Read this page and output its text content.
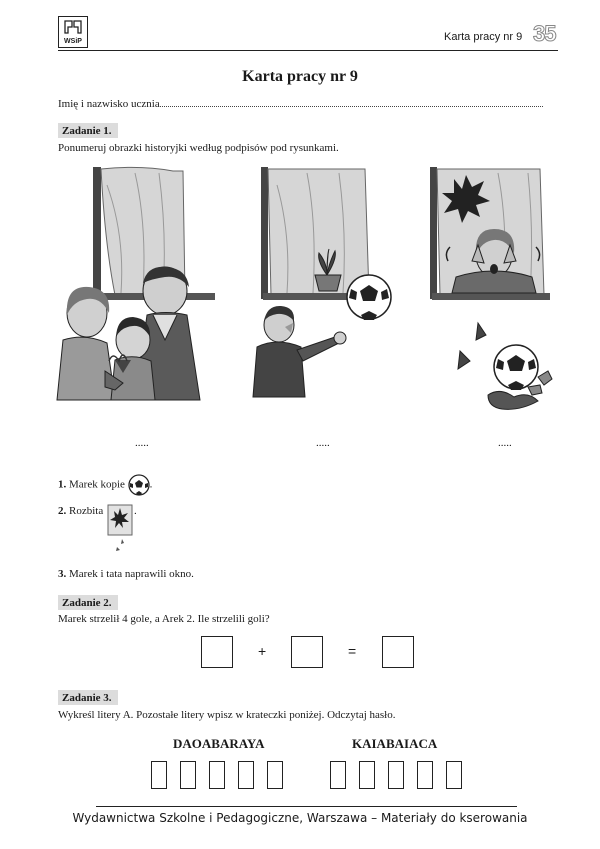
WSiP	Karta pracy nr 9 35
Karta pracy nr 9
Imię i nazwisko ucznia
Zadanie 1.
Ponumeruj obrazki historyjki według podpisów pod rysunkami.
.....	.....	.....
1. Marek kopie .
2. Rozbita	.
3. Marek i tata naprawili okno.
Zadanie 2.
Marek strzelił 4 gole, a Arek 2. Ile strzelili goli?
+	=
Zadanie 3.
Wykreśl litery A. Pozostałe litery wpisz w krateczki poniżej. Odczytaj hasło.
DAOABARAYA	KAIABAIACA
Wydawnictwa Szkolne i Pedagogiczne, Warszawa – Materiały do kserowania
